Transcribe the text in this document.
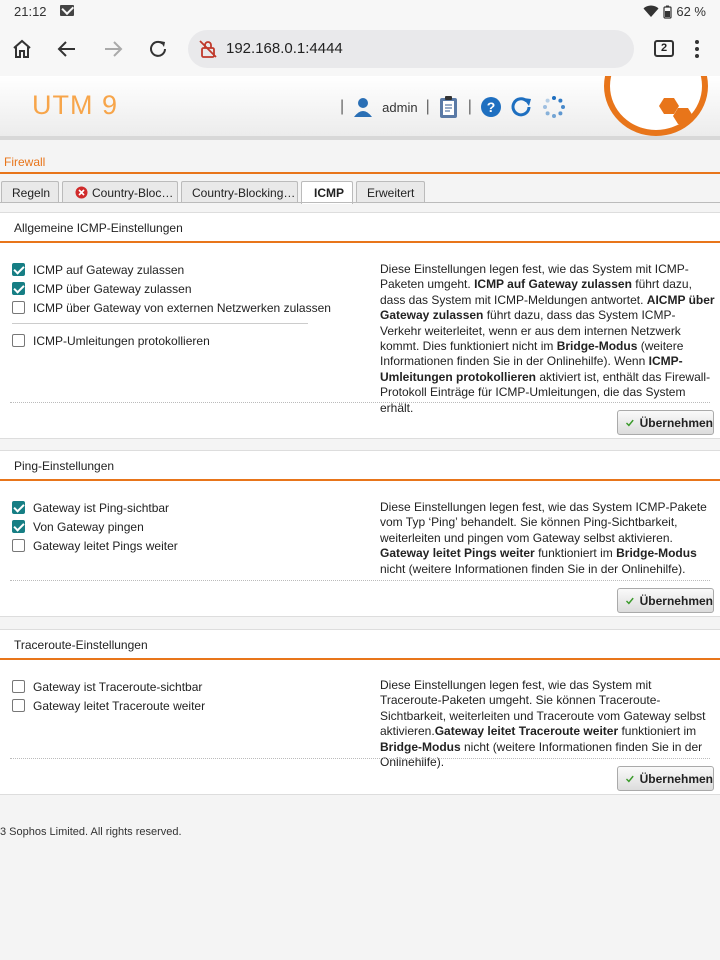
21:12	62 %
192.168.0.1:4444	2
UTM 9	|	admin | | ?
Firewall
Regeln	Country-Bloc… Country-Blocking… ICMP Erweitert
Allgemeine ICMP-Einstellungen
ICMP auf Gateway zulassen
ICMP über Gateway zulassen
ICMP über Gateway von externen Netzwerken zulassen
ICMP-Umleitungen protokollieren
Diese Einstellungen legen fest, wie das System mit ICMP-Paketen umgeht. ICMP auf Gateway zulassen führt dazu, dass das System mit ICMP-Meldungen antwortet. AICMP über Gateway zulassen führt dazu, dass das System ICMP-Verkehr weiterleitet, wenn er aus dem internen Netzwerk kommt. Dies funktioniert nicht im Bridge-Modus (weitere Informationen finden Sie in der Onlinehilfe). Wenn ICMP-Umleitungen protokollieren aktiviert ist, enthält das Firewall-Protokoll Einträge für ICMP-Umleitungen, die das System erhält.
Übernehmen
Ping-Einstellungen
Gateway ist Ping-sichtbar
Von Gateway pingen
Gateway leitet Pings weiter
Diese Einstellungen legen fest, wie das System ICMP-Pakete vom Typ ‘Ping’ behandelt. Sie können Ping-Sichtbarkeit, weiterleiten und pingen vom Gateway selbst aktivieren. Gateway leitet Pings weiter funktioniert im Bridge-Modus nicht (weitere Informationen finden Sie in der Onlinehilfe).
Übernehmen
Traceroute-Einstellungen
Gateway ist Traceroute-sichtbar
Gateway leitet Traceroute weiter
Diese Einstellungen legen fest, wie das System mit Traceroute-Paketen umgeht. Sie können Traceroute-Sichtbarkeit, weiterleiten und Traceroute vom Gateway selbst aktivieren.Gateway leitet Traceroute weiter funktioniert im Bridge-Modus nicht (weitere Informationen finden Sie in der Onlinehilfe).
Übernehmen
3 Sophos Limited. All rights reserved.
